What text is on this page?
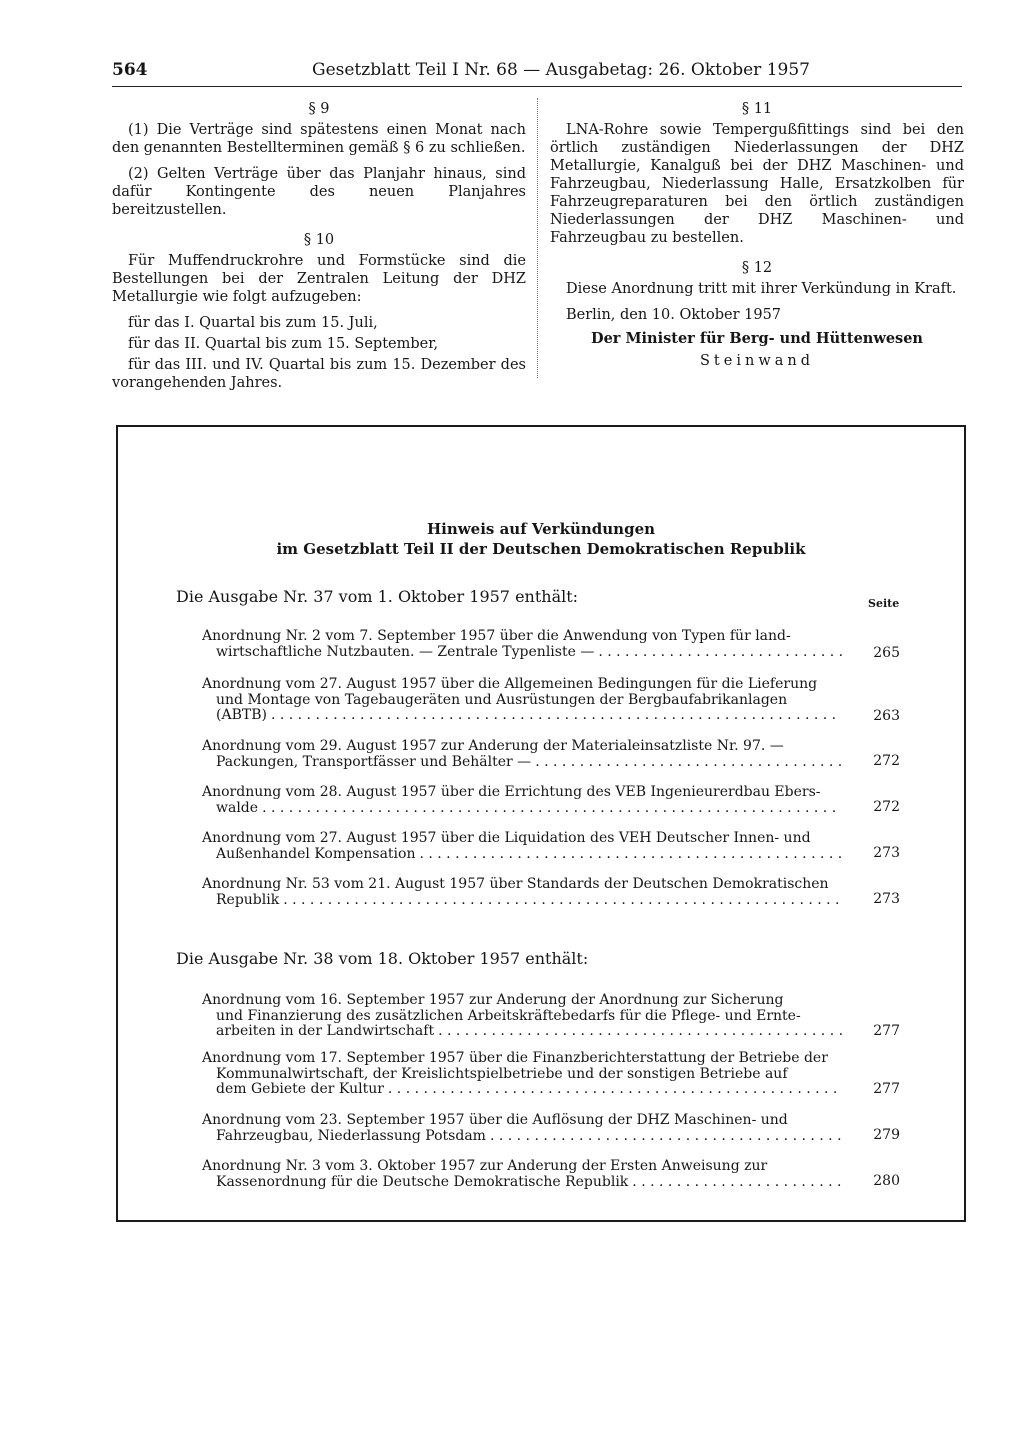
564	Gesetzblatt Teil I Nr. 68 — Ausgabetag: 26. Oktober 1957
§ 9

(1) Die Verträge sind spätestens einen Monat nach den genannten Bestellterminen gemäß § 6 zu schließen.

(2) Gelten Verträge über das Planjahr hinaus, sind dafür Kontingente des neuen Planjahres bereitzustellen.

§ 10

Für Muffendruckrohre und Formstücke sind die Bestellungen bei der Zentralen Leitung der DHZ Metallurgie wie folgt aufzugeben:

für das I. Quartal bis zum 15. Juli,

für das II. Quartal bis zum 15. September,

für das III. und IV. Quartal bis zum 15. Dezember des vorangehenden Jahres.

§ 11

LNA-Rohre sowie Tempergußfittings sind bei den örtlich zuständigen Niederlassungen der DHZ Metallurgie, Kanalguß bei der DHZ Maschinen- und Fahrzeugbau, Niederlassung Halle, Ersatzkolben für Fahrzeugreparaturen bei den örtlich zuständigen Niederlassungen der DHZ Maschinen- und Fahrzeugbau zu bestellen.

§ 12

Diese Anordnung tritt mit ihrer Verkündung in Kraft.

Berlin, den 10. Oktober 1957

Der Minister für Berg- und Hüttenwesen
Steinwand
Hinweis auf Verkündungen
im Gesetzblatt Teil II der Deutschen Demokratischen Republik
Die Ausgabe Nr. 37 vom 1. Oktober 1957 enthält:	Seite
Anordnung Nr. 2 vom 7. September 1957 über die Anwendung von Typen für land-
wirtschaftliche Nutzbauten. — Zentrale Typenliste — . . .	265
Anordnung vom 27. August 1957 über die Allgemeinen Bedingungen für die Lieferung
und Montage von Tagebaugeräten und Ausrüstungen der Bergbaufabrikanlagen
(ABTB) . . .	263
Anordnung vom 29. August 1957 zur Änderung der Materialeinsatzliste Nr. 97. —
Packungen, Transportfässer und Behälter — . . .	272
Anordnung vom 28. August 1957 über die Errichtung des VEB Ingenieurerdbau Ebers-
walde . . .	272
Anordnung vom 27. August 1957 über die Liquidation des VEH Deutscher Innen- und
Außenhandel Kompensation . . .	273
Anordnung Nr. 53 vom 21. August 1957 über Standards der Deutschen Demokratischen
Republik . . .	273
Die Ausgabe Nr. 38 vom 18. Oktober 1957 enthält:
Anordnung vom 16. September 1957 zur Änderung der Anordnung zur Sicherung
und Finanzierung des zusätzlichen Arbeitskräftebedarfs für die Pflege- und Ernte-
arbeiten in der Landwirtschaft . . .	277
Anordnung vom 17. September 1957 über die Finanzberichterstattung der Betriebe der
Kommunalwirtschaft, der Kreislichtspielbetriebe und der sonstigen Betriebe auf
dem Gebiete der Kultur . . .	277
Anordnung vom 23. September 1957 über die Auflösung der DHZ Maschinen- und
Fahrzeugbau, Niederlassung Potsdam . . .	279
Anordnung Nr. 3 vom 3. Oktober 1957 zur Änderung der Ersten Anweisung zur
Kassenordnung für die Deutsche Demokratische Republik . . .	280
